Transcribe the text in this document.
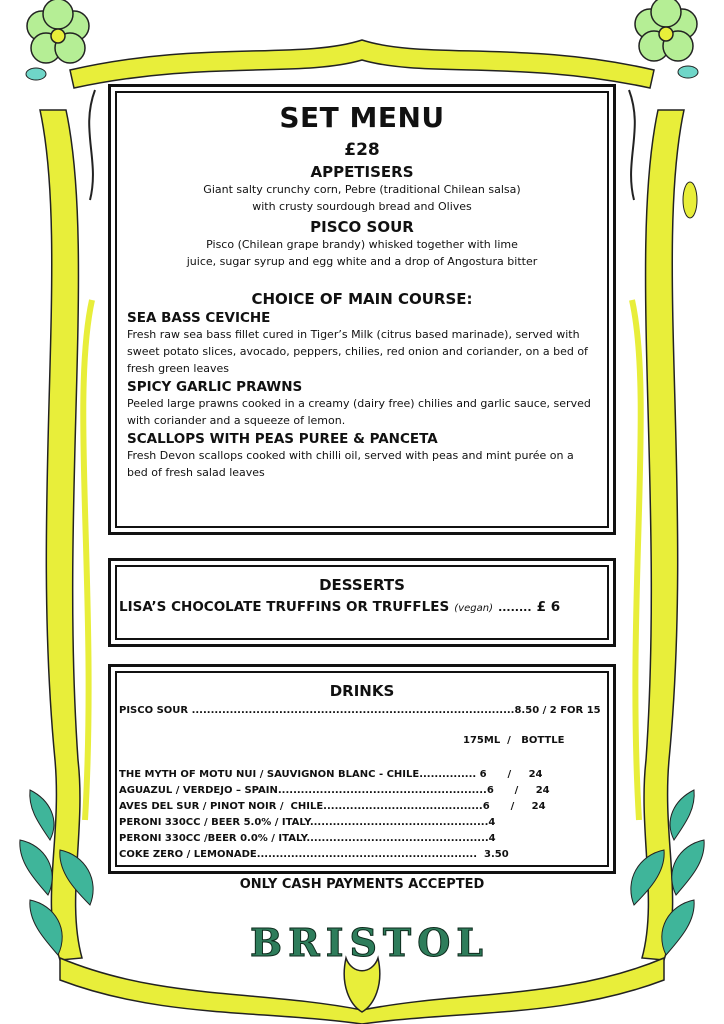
SET MENU
£28
APPETISERS
Giant salty crunchy corn, Pebre (traditional Chilean salsa)
with crusty sourdough bread and Olives
PISCO SOUR
Pisco (Chilean grape brandy) whisked together with lime
juice, sugar syrup and egg white and a drop of Angostura bitter
CHOICE OF MAIN COURSE:
SEA BASS CEVICHE
Fresh raw sea bass fillet cured in Tiger’s Milk (citrus based marinade), served with sweet potato slices, avocado, peppers, chilies, red onion and coriander, on a bed of fresh green leaves
SPICY GARLIC PRAWNS
Peeled large prawns cooked in a creamy (dairy free) chilies and garlic sauce, served with coriander and a squeeze of lemon.
SCALLOPS WITH PEAS PUREE & PANCETA
Fresh Devon scallops cooked with chilli oil, served with peas and mint purée on a bed of fresh salad leaves
DESSERTS
LISA’S CHOCOLATE TRUFFINS OR TRUFFLES (vegan) ........ £ 6
DRINKS
PISCO SOUR .....................................................................................8.50 / 2 FOR 15
175ML  /   BOTTLE
THE MYTH OF MOTU NUI / SAUVIGNON BLANC - CHILE............... 6      /     24
AGUAZUL / VERDEJO – SPAIN.......................................................6      /     24
AVES DEL SUR / PINOT NOIR /  CHILE..........................................6      /     24
PERONI 330CC / BEER 5.0% / ITALY...............................................4
PERONI 330CC /BEER 0.0% / ITALY................................................4
COKE ZERO / LEMONADE..........................................................  3.50
ONLY CASH PAYMENTS ACCEPTED
BRISTOL
